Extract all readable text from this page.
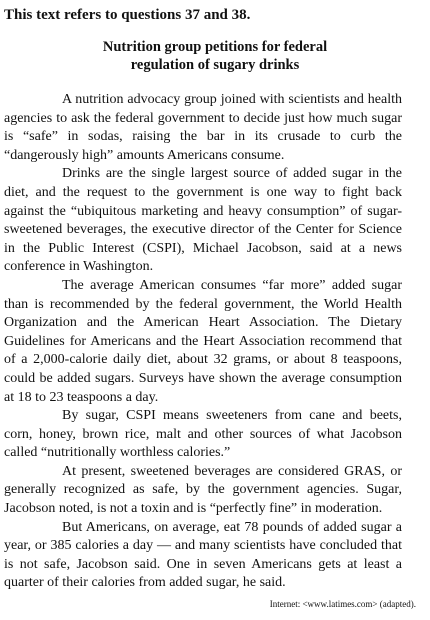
This text refers to questions 37 and 38.
Nutrition group petitions for federal
regulation of sugary drinks

A nutrition advocacy group joined with scientists and health agencies to ask the federal government to decide just how much sugar is “safe” in sodas, raising the bar in its crusade to curb the “dangerously high” amounts Americans consume.

Drinks are the single largest source of added sugar in the diet, and the request to the government is one way to fight back against the “ubiquitous marketing and heavy consumption” of sugar-sweetened beverages, the executive director of the Center for Science in the Public Interest (CSPI), Michael Jacobson, said at a news conference in Washington.

The average American consumes “far more” added sugar than is recommended by the federal government, the World Health Organization and the American Heart Association. The Dietary Guidelines for Americans and the Heart Association recommend that of a 2,000-calorie daily diet, about 32 grams, or about 8 teaspoons, could be added sugars. Surveys have shown the average consumption at 18 to 23 teaspoons a day.

By sugar, CSPI means sweeteners from cane and beets, corn, honey, brown rice, malt and other sources of what Jacobson called “nutritionally worthless calories.”

At present, sweetened beverages are considered GRAS, or generally recognized as safe, by the government agencies. Sugar, Jacobson noted, is not a toxin and is “perfectly fine” in moderation.

But Americans, on average, eat 78 pounds of added sugar a year, or 385 calories a day — and many scientists have concluded that is not safe, Jacobson said. One in seven Americans gets at least a quarter of their calories from added sugar, he said.

Internet: <www.latimes.com> (adapted).
